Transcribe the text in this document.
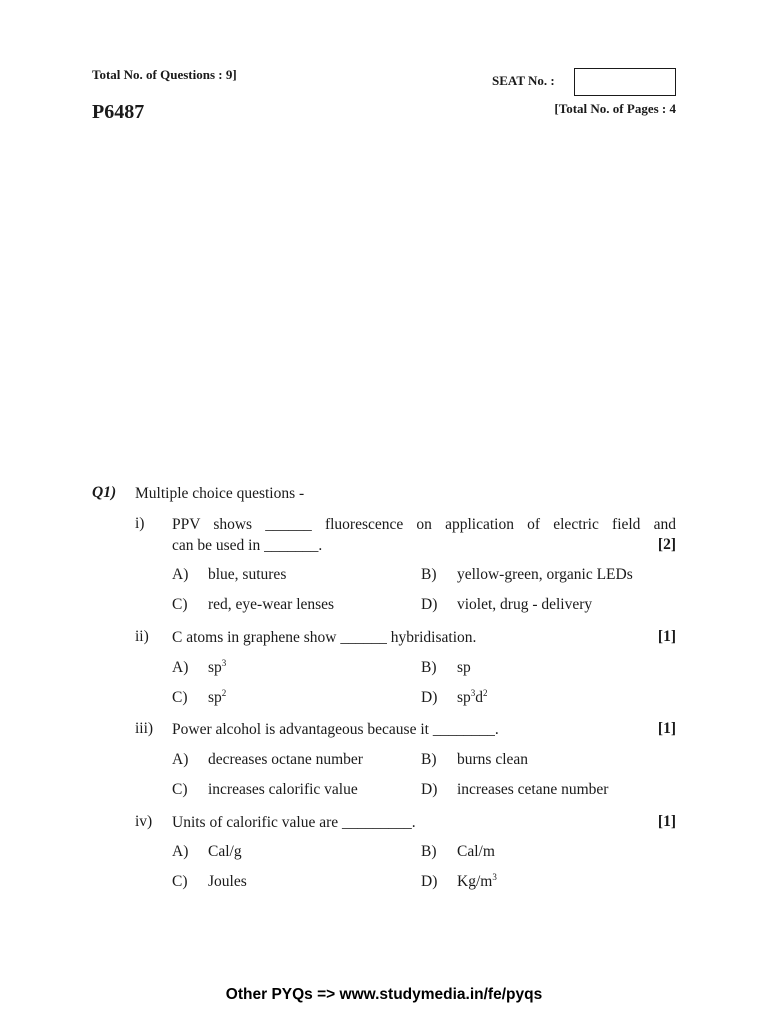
Total No. of Questions : 9]	SEAT No. :
P6487	[Total No. of Pages : 4
Q1) Multiple choice questions -
i) PPV shows ______ fluorescence on application of electric field and
can be used in _______.	[2]
A) blue, sutures	B) yellow-green, organic LEDs
C) red, eye-wear lenses	D) violet, drug - delivery
ii) C atoms in graphene show ______ hybridisation.	[1]
A) $sp^3$	B) sp
C) $sp^2$	D) $sp^3d^2$
iii) Power alcohol is advantageous because it ________.	[1]
A) decreases octane number	B) burns clean
C) increases calorific value	D) increases cetane number
iv) Units of calorific value are _________.	[1]
A) Cal/g	B) Cal/m
C) Joules	D) $Kg/m^3$
Other PYQs => www.studymedia.in/fe/pyqs
